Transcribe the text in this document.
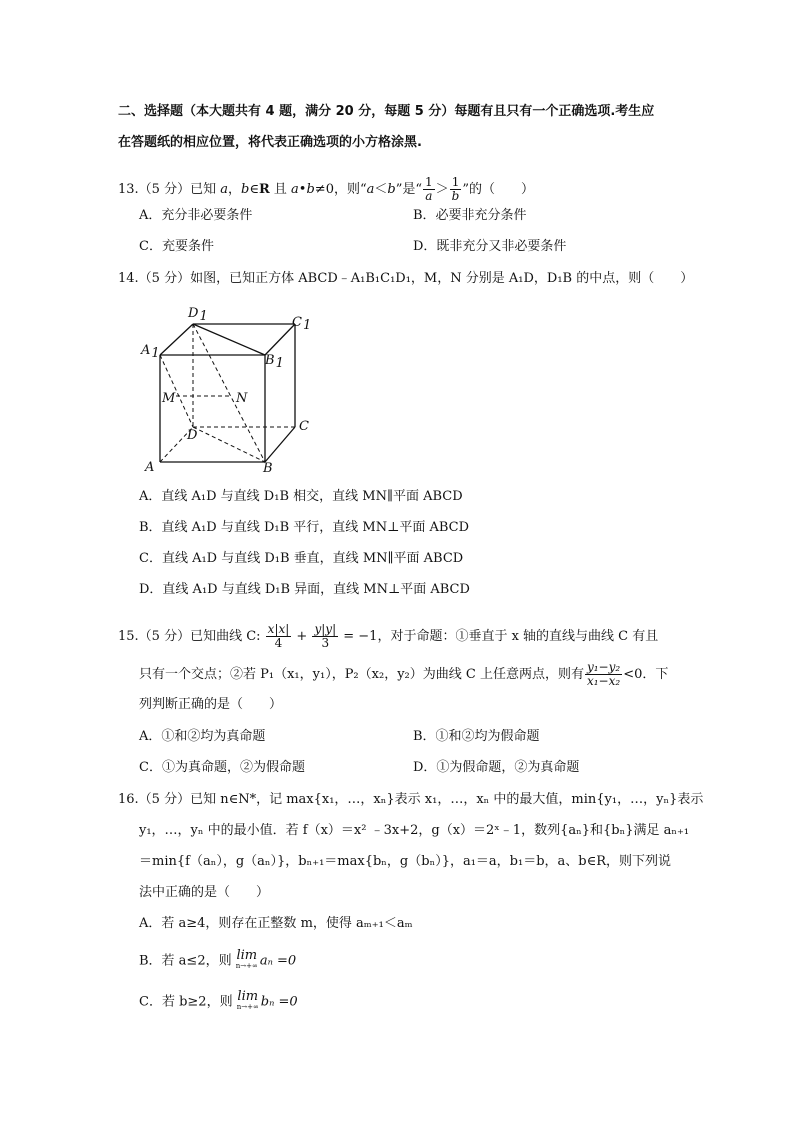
二、选择题（本大题共有 4 题，满分 20 分，每题 5 分）每题有且只有一个正确选项.考生应
在答题纸的相应位置，将代表正确选项的小方格涂黑.
13.（5 分）已知 a，b∈R 且 a•b≠0，则“a＜b”是“ $\frac{1}{a} > \frac{1}{b}$ ”的（　　）
A．充分非必要条件	B．必要非充分条件
C．充要条件	D．既非充分又非必要条件
14.（5 分）如图，已知正方体 ABCD﹣A₁B₁C₁D₁，M，N 分别是 A₁D，D₁B 的中点，则（　　）
D1	C1
A1	B1
M	N
D
C
A	B
A．直线 A₁D 与直线 D₁B 相交，直线 MN∥平面 ABCD
B．直线 A₁D 与直线 D₁B 平行，直线 MN⊥平面 ABCD
C．直线 A₁D 与直线 D₁B 垂直，直线 MN∥平面 ABCD
D．直线 A₁D 与直线 D₁B 异面，直线 MN⊥平面 ABCD
15.（5 分）已知曲线 C: $\frac{x|x|}{4} + \frac{y|y|}{3} = -1$，对于命题：①垂直于 x 轴的直线与曲线 C 有且
只有一个交点；②若 P₁（x₁，y₁），P₂（x₂，y₂）为曲线 C 上任意两点，则有 $\frac{\text{y₁−y₂}}{\text{x₁−x₂}} <0$．下
列判断正确的是（　　）
A．①和②均为真命题	B．①和②均为假命题
C．①为真命题，②为假命题	D．①为假命题，②为真命题
16.（5 分）已知 n∈N*，记 max{x₁，…，xₙ}表示 x₁，…，xₙ 中的最大值，min{y₁，…，yₙ}表示
y₁，…，yₙ 中的最小值．若 f（x）＝x² ﹣3x+2，g（x）＝2ˣ﹣1，数列{aₙ}和{bₙ}满足 aₙ₊₁
＝min{f（aₙ），g（aₙ）}，bₙ₊₁＝max{bₙ，g（bₙ）}，a₁＝a，b₁＝b，a、b∈R，则下列说
法中正确的是（　　）
A．若 a≥4，则存在正整数 m，使得 aₘ₊₁＜aₘ
B．若 a≤2，则 lim
n→+∞ aₙ =0
C．若 b≥2，则 lim
n→+∞ bₙ =0
